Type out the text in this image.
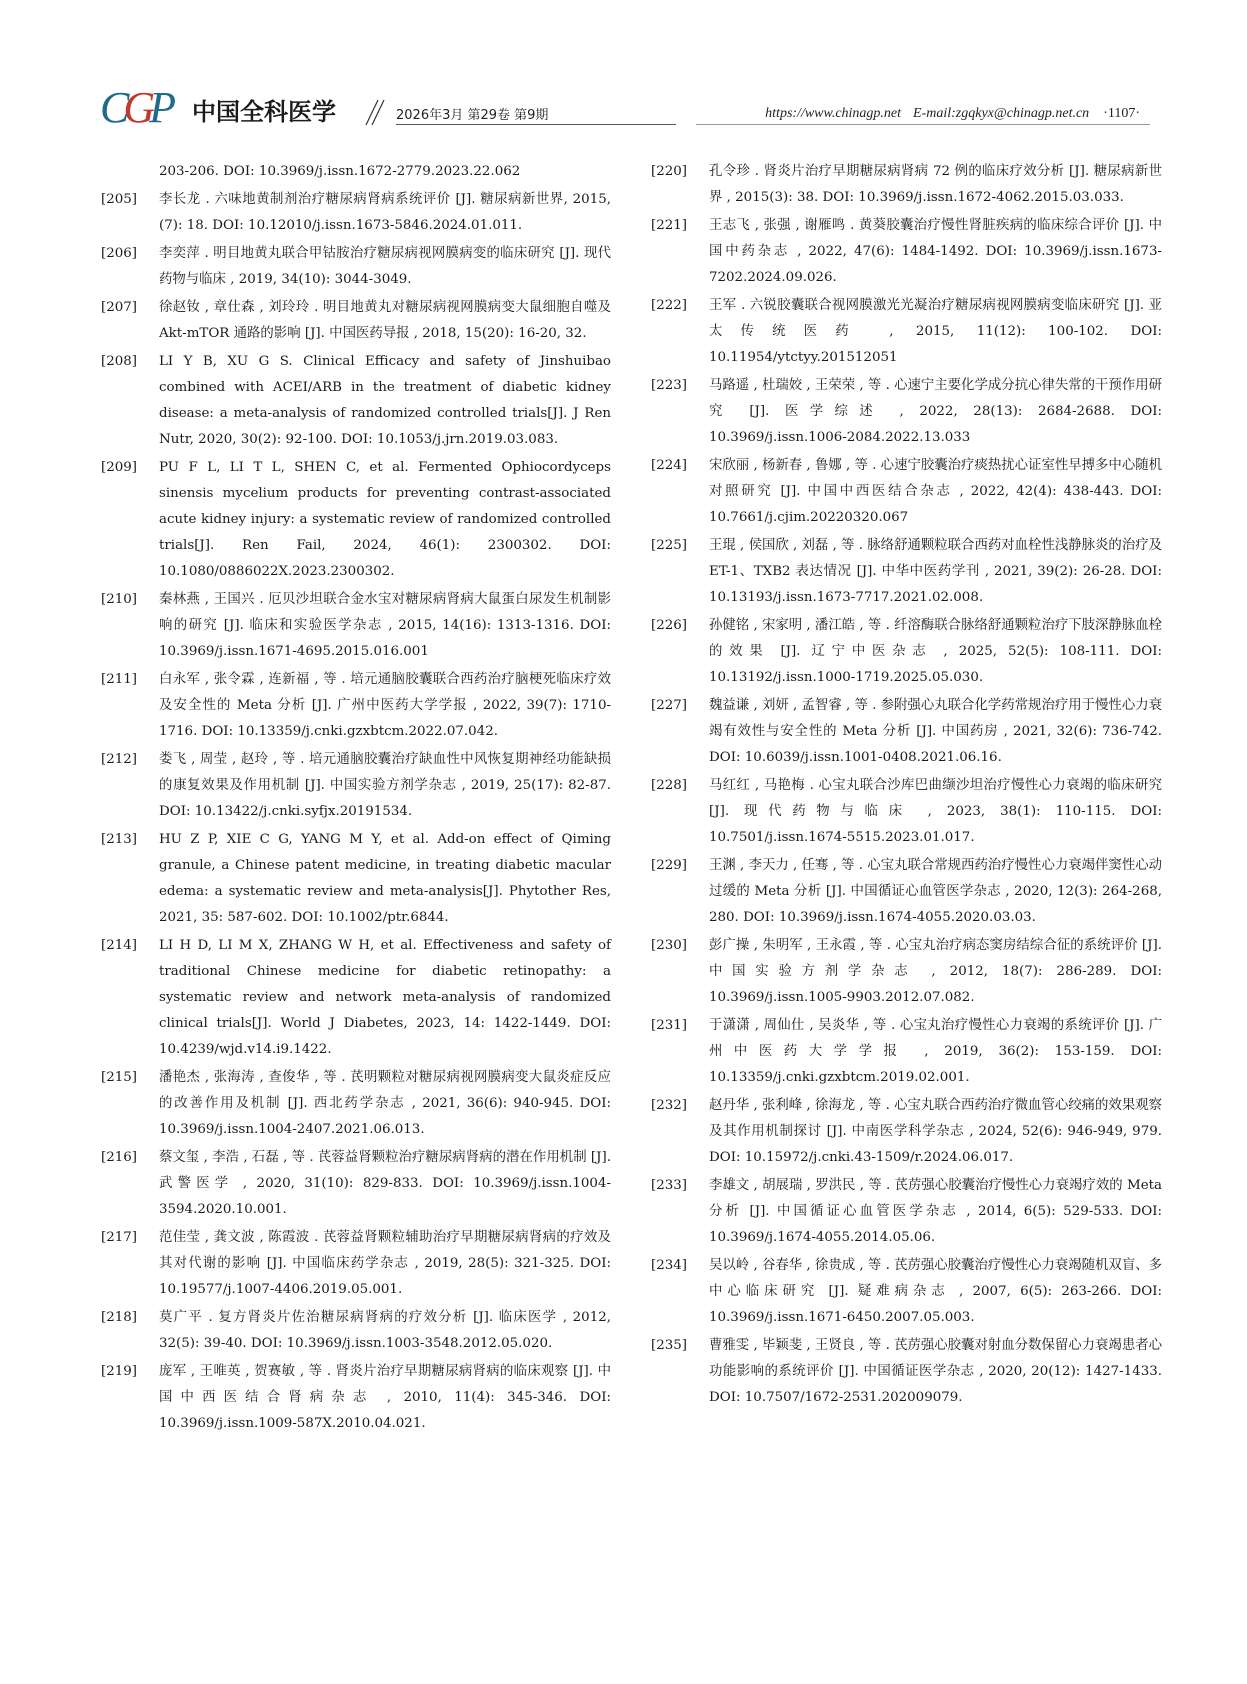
CGP 中国全科医学	2026年3月 第29卷 第9期	https://www.chinagp.net E-mail:zgqkyx@chinagp.net.cn ·1107·
203-206. DOI: 10.3969/j.issn.1672-2779.2023.22.062
[205]	李长龙 . 六味地黄制剂治疗糖尿病肾病系统评价 [J]. 糖尿病新世界, 2015, (7): 18. DOI: 10.12010/j.issn.1673-5846.2024.01.011.
[206]	李奕萍 . 明目地黄丸联合甲钴胺治疗糖尿病视网膜病变的临床研究 [J]. 现代药物与临床 , 2019, 34(10): 3044-3049.
[207]	徐赵钕 , 章仕森 , 刘玲玲 . 明目地黄丸对糖尿病视网膜病变大鼠细胞自噬及 Akt-mTOR 通路的影响 [J]. 中国医药导报 , 2018, 15(20): 16-20, 32.
[208]	LI Y B, XU G S. Clinical Efficacy and safety of Jinshuibao combined with ACEI/ARB in the treatment of diabetic kidney disease: a meta-analysis of randomized controlled trials[J]. J Ren Nutr, 2020, 30(2): 92-100. DOI: 10.1053/j.jrn.2019.03.083.
[209]	PU F L, LI T L, SHEN C, et al. Fermented Ophiocordyceps sinensis mycelium products for preventing contrast-associated acute kidney injury: a systematic review of randomized controlled trials[J]. Ren Fail, 2024, 46(1): 2300302. DOI: 10.1080/0886022X.2023.2300302.
[210]	秦林燕 , 王国兴 . 厄贝沙坦联合金水宝对糖尿病肾病大鼠蛋白尿发生机制影响的研究 [J]. 临床和实验医学杂志 , 2015, 14(16): 1313-1316. DOI: 10.3969/j.issn.1671-4695.2015.016.001
[211]	白永军 , 张令霖 , 连新福 , 等 . 培元通脑胶囊联合西药治疗脑梗死临床疗效及安全性的 Meta 分析 [J]. 广州中医药大学学报 , 2022, 39(7): 1710-1716. DOI: 10.13359/j.cnki.gzxbtcm.2022.07.042.
[212]	娄飞 , 周莹 , 赵玲 , 等 . 培元通脑胶囊治疗缺血性中风恢复期神经功能缺损的康复效果及作用机制 [J]. 中国实验方剂学杂志 , 2019, 25(17): 82-87. DOI: 10.13422/j.cnki.syfjx.20191534.
[213]	HU Z P, XIE C G, YANG M Y, et al. Add-on effect of Qiming granule, a Chinese patent medicine, in treating diabetic macular edema: a systematic review and meta-analysis[J]. Phytother Res, 2021, 35: 587-602. DOI: 10.1002/ptr.6844.
[214]	LI H D, LI M X, ZHANG W H, et al. Effectiveness and safety of traditional Chinese medicine for diabetic retinopathy: a systematic review and network meta-analysis of randomized clinical trials[J]. World J Diabetes, 2023, 14: 1422-1449. DOI: 10.4239/wjd.v14.i9.1422.
[215]	潘艳杰 , 张海涛 , 查俊华 , 等 . 芪明颗粒对糖尿病视网膜病变大鼠炎症反应的改善作用及机制 [J]. 西北药学杂志 , 2021, 36(6): 940-945. DOI: 10.3969/j.issn.1004-2407.2021.06.013.
[216]	蔡文玺 , 李浩 , 石磊 , 等 . 芪蓉益肾颗粒治疗糖尿病肾病的潜在作用机制 [J]. 武警医学 , 2020, 31(10): 829-833. DOI: 10.3969/j.issn.1004-3594.2020.10.001.
[217]	范佳莹 , 龚文波 , 陈霞波 . 芪蓉益肾颗粒辅助治疗早期糖尿病肾病的疗效及其对代谢的影响 [J]. 中国临床药学杂志 , 2019, 28(5): 321-325. DOI: 10.19577/j.1007-4406.2019.05.001.
[218]	莫广平 . 复方肾炎片佐治糖尿病肾病的疗效分析 [J]. 临床医学 , 2012, 32(5): 39-40. DOI: 10.3969/j.issn.1003-3548.2012.05.020.
[219]	庞军 , 王唯英 , 贺赛敏 , 等 . 肾炎片治疗早期糖尿病肾病的临床观察 [J]. 中国中西医结合肾病杂志 , 2010, 11(4): 345-346. DOI: 10.3969/j.issn.1009-587X.2010.04.021.
[220]	孔令珍 . 肾炎片治疗早期糖尿病肾病 72 例的临床疗效分析 [J]. 糖尿病新世界 , 2015(3): 38. DOI: 10.3969/j.issn.1672-4062.2015.03.033.
[221]	王志飞 , 张强 , 谢雁鸣 . 黄葵胶囊治疗慢性肾脏疾病的临床综合评价 [J]. 中国中药杂志 , 2022, 47(6): 1484-1492. DOI: 10.3969/j.issn.1673-7202.2024.09.026.
[222]	王军 . 六锐胶囊联合视网膜激光光凝治疗糖尿病视网膜病变临床研究 [J]. 亚太传统医药 , 2015, 11(12): 100-102. DOI: 10.11954/ytctyy.201512051
[223]	马路遥 , 杜瑞姣 , 王荣荣 , 等 . 心速宁主要化学成分抗心律失常的干预作用研究 [J]. 医学综述 , 2022, 28(13): 2684-2688. DOI: 10.3969/j.issn.1006-2084.2022.13.033
[224]	宋欣丽 , 杨新春 , 鲁娜 , 等 . 心速宁胶囊治疗痰热扰心证室性早搏多中心随机对照研究 [J]. 中国中西医结合杂志 , 2022, 42(4): 438-443. DOI: 10.7661/j.cjim.20220320.067
[225]	王琨 , 侯国欣 , 刘磊 , 等 . 脉络舒通颗粒联合西药对血栓性浅静脉炎的治疗及 ET-1、TXB2 表达情况 [J]. 中华中医药学刊 , 2021, 39(2): 26-28. DOI: 10.13193/j.issn.1673-7717.2021.02.008.
[226]	孙健铭 , 宋家明 , 潘江皓 , 等 . 纤溶酶联合脉络舒通颗粒治疗下肢深静脉血栓的效果 [J]. 辽宁中医杂志 , 2025, 52(5): 108-111. DOI: 10.13192/j.issn.1000-1719.2025.05.030.
[227]	魏益谦 , 刘妍 , 孟智睿 , 等 . 参附强心丸联合化学药常规治疗用于慢性心力衰竭有效性与安全性的 Meta 分析 [J]. 中国药房 , 2021, 32(6): 736-742. DOI: 10.6039/j.issn.1001-0408.2021.06.16.
[228]	马红红 , 马艳梅 . 心宝丸联合沙库巴曲缬沙坦治疗慢性心力衰竭的临床研究 [J]. 现代药物与临床 , 2023, 38(1): 110-115. DOI: 10.7501/j.issn.1674-5515.2023.01.017.
[229]	王渊 , 李天力 , 任骞 , 等 . 心宝丸联合常规西药治疗慢性心力衰竭伴窦性心动过缓的 Meta 分析 [J]. 中国循证心血管医学杂志 , 2020, 12(3): 264-268, 280. DOI: 10.3969/j.issn.1674-4055.2020.03.03.
[230]	彭广操 , 朱明军 , 王永霞 , 等 . 心宝丸治疗病态窦房结综合征的系统评价 [J]. 中国实验方剂学杂志 , 2012, 18(7): 286-289. DOI: 10.3969/j.issn.1005-9903.2012.07.082.
[231]	于潇潇 , 周仙仕 , 吴炎华 , 等 . 心宝丸治疗慢性心力衰竭的系统评价 [J]. 广州中医药大学学报 , 2019, 36(2): 153-159. DOI: 10.13359/j.cnki.gzxbtcm.2019.02.001.
[232]	赵丹华 , 张利峰 , 徐海龙 , 等 . 心宝丸联合西药治疗微血管心绞痛的效果观察及其作用机制探讨 [J]. 中南医学科学杂志 , 2024, 52(6): 946-949, 979. DOI: 10.15972/j.cnki.43-1509/r.2024.06.017.
[233]	李雄文 , 胡展瑞 , 罗洪民 , 等 . 芪苈强心胶囊治疗慢性心力衰竭疗效的 Meta 分析 [J]. 中国循证心血管医学杂志 , 2014, 6(5): 529-533. DOI: 10.3969/j.1674-4055.2014.05.06.
[234]	吴以岭 , 谷春华 , 徐贵成 , 等 . 芪苈强心胶囊治疗慢性心力衰竭随机双盲、多中心临床研究 [J]. 疑难病杂志 , 2007, 6(5): 263-266. DOI: 10.3969/j.issn.1671-6450.2007.05.003.
[235]	曹雅雯 , 毕颖斐 , 王贤良 , 等 . 芪苈强心胶囊对射血分数保留心力衰竭患者心功能影响的系统评价 [J]. 中国循证医学杂志 , 2020, 20(12): 1427-1433. DOI: 10.7507/1672-2531.202009079.
